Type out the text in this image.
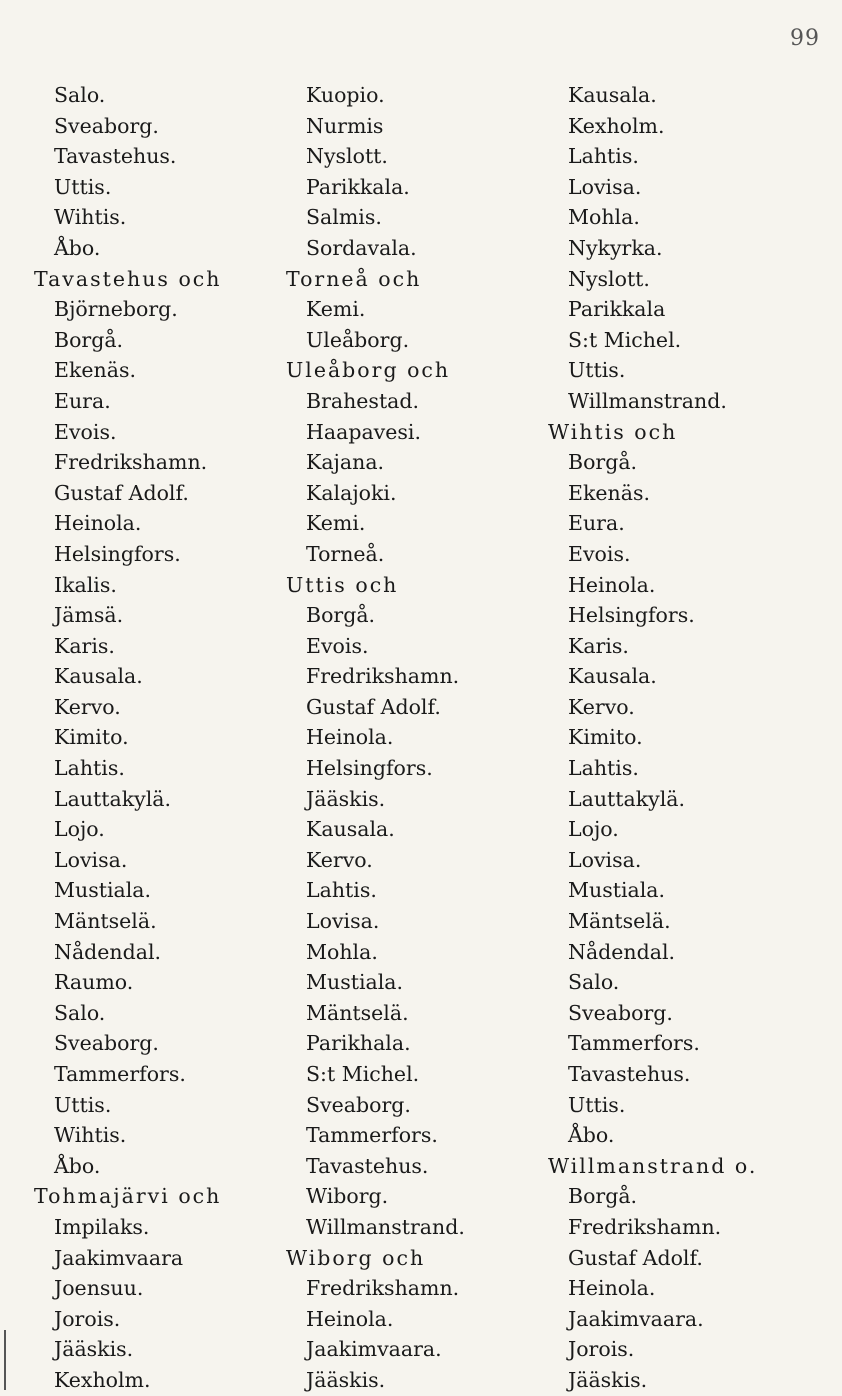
99
Salo.
Sveaborg.
Tavastehus.
Uttis.
Wihtis.
Åbo.
Tavastehus och
Björneborg.
Borgå.
Ekenäs.
Eura.
Evois.
Fredrikshamn.
Gustaf Adolf.
Heinola.
Helsingfors.
Ikalis.
Jämsä.
Karis.
Kausala.
Kervo.
Kimito.
Lahtis.
Lauttakylä.
Lojo.
Lovisa.
Mustiala.
Mäntselä.
Nådendal.
Raumo.
Salo.
Sveaborg.
Tammerfors.
Uttis.
Wihtis.
Åbo.
Tohmajärvi och
Impilaks.
Jaakimvaara
Joensuu.
Jorois.
Jääskis.
Kexholm.
Kuopio.
Nurmis
Nyslott.
Parikkala.
Salmis.
Sordavala.
Torneå och
Kemi.
Uleåborg.
Uleåborg och
Brahestad.
Haapavesi.
Kajana.
Kalajoki.
Kemi.
Torneå.
Uttis och
Borgå.
Evois.
Fredrikshamn.
Gustaf Adolf.
Heinola.
Helsingfors.
Jääskis.
Kausala.
Kervo.
Lahtis.
Lovisa.
Mohla.
Mustiala.
Mäntselä.
Parikhala.
S:t Michel.
Sveaborg.
Tammerfors.
Tavastehus.
Wiborg.
Willmanstrand.
Wiborg och
Fredrikshamn.
Heinola.
Jaakimvaara.
Jääskis.
Kausala.
Kexholm.
Lahtis.
Lovisa.
Mohla.
Nykyrka.
Nyslott.
Parikkala
S:t Michel.
Uttis.
Willmanstrand.
Wihtis och
Borgå.
Ekenäs.
Eura.
Evois.
Heinola.
Helsingfors.
Karis.
Kausala.
Kervo.
Kimito.
Lahtis.
Lauttakylä.
Lojo.
Lovisa.
Mustiala.
Mäntselä.
Nådendal.
Salo.
Sveaborg.
Tammerfors.
Tavastehus.
Uttis.
Åbo.
Willmanstrand o.
Borgå.
Fredrikshamn.
Gustaf Adolf.
Heinola.
Jaakimvaara.
Jorois.
Jääskis.
